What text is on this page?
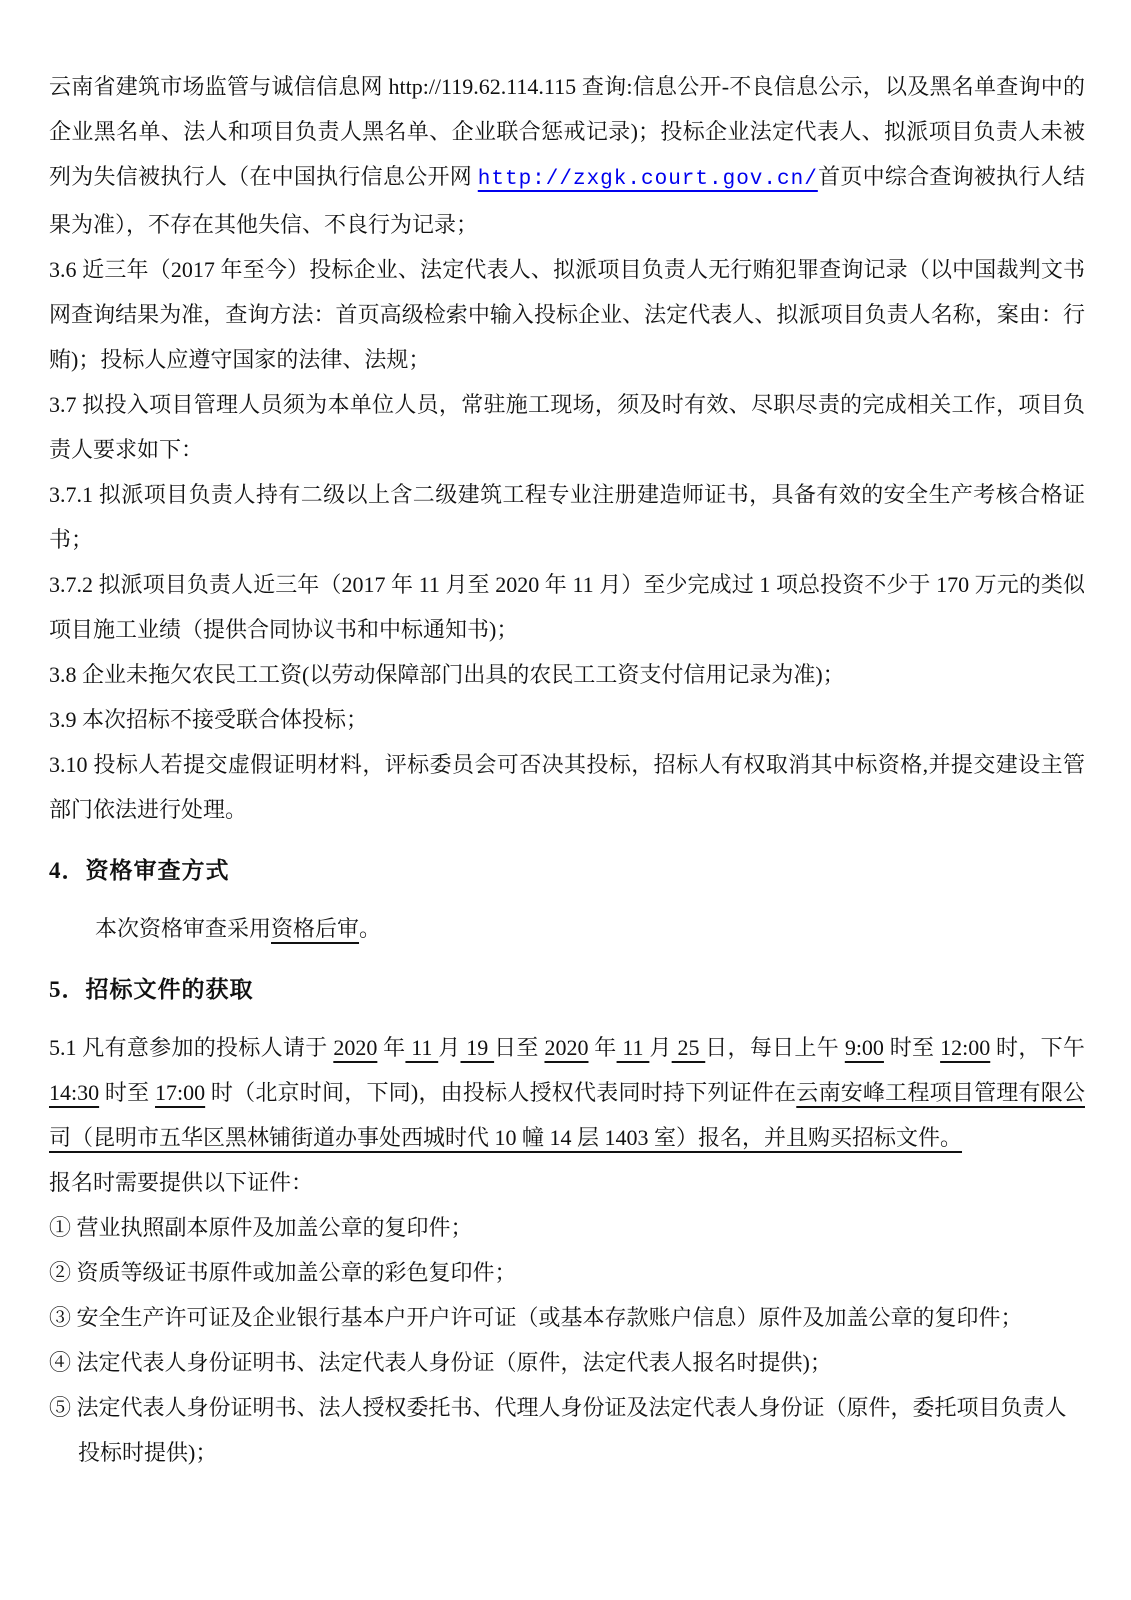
云南省建筑市场监管与诚信信息网 http://119.62.114.115 查询:信息公开-不良信息公示，以及黑名单查询中的企业黑名单、法人和项目负责人黑名单、企业联合惩戒记录)；投标企业法定代表人、拟派项目负责人未被列为失信被执行人（在中国执行信息公开网 http://zxgk.court.gov.cn/首页中综合查询被执行人结果为准），不存在其他失信、不良行为记录；

3.6 近三年（2017 年至今）投标企业、法定代表人、拟派项目负责人无行贿犯罪查询记录（以中国裁判文书网查询结果为准，查询方法：首页高级检索中输入投标企业、法定代表人、拟派项目负责人名称，案由：行贿)；投标人应遵守国家的法律、法规；

3.7 拟投入项目管理人员须为本单位人员，常驻施工现场，须及时有效、尽职尽责的完成相关工作，项目负责人要求如下：

3.7.1 拟派项目负责人持有二级以上含二级建筑工程专业注册建造师证书，具备有效的安全生产考核合格证书；

3.7.2 拟派项目负责人近三年（2017 年 11 月至 2020 年 11 月）至少完成过 1 项总投资不少于 170 万元的类似项目施工业绩（提供合同协议书和中标通知书)；

3.8 企业未拖欠农民工工资(以劳动保障部门出具的农民工工资支付信用记录为准)；

3.9 本次招标不接受联合体投标；

3.10 投标人若提交虚假证明材料，评标委员会可否决其投标，招标人有权取消其中标资格,并提交建设主管部门依法进行处理。

4．资格审查方式

本次资格审查采用资格后审。

5．招标文件的获取

5.1 凡有意参加的投标人请于 2020 年 11 月 19 日至 2020 年 11 月 25 日，每日上午 9:00 时至 12:00 时，下午 14:30 时至 17:00 时（北京时间，下同)，由投标人授权代表同时持下列证件在云南安峰工程项目管理有限公司（昆明市五华区黑林铺街道办事处西城时代 10 幢 14 层 1403 室）报名，并且购买招标文件。

报名时需要提供以下证件：

① 营业执照副本原件及加盖公章的复印件；

② 资质等级证书原件或加盖公章的彩色复印件；

③ 安全生产许可证及企业银行基本户开户许可证（或基本存款账户信息）原件及加盖公章的复印件；

④ 法定代表人身份证明书、法定代表人身份证（原件，法定代表人报名时提供)；

⑤ 法定代表人身份证明书、法人授权委托书、代理人身份证及法定代表人身份证（原件，委托项目负责人投标时提供)；
